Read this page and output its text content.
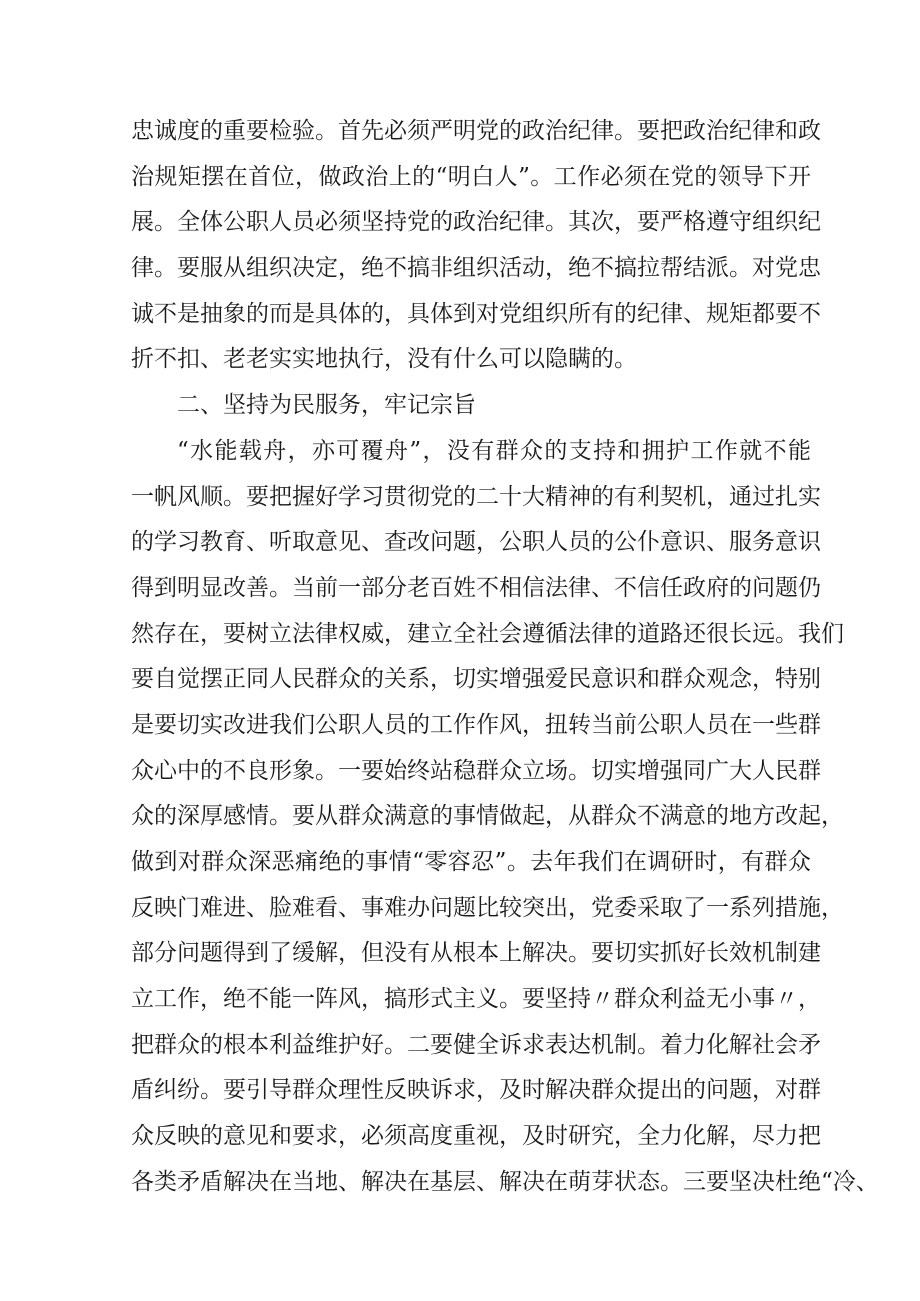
忠诚度的重要检验。首先必须严明党的政治纪律。要把政治纪律和政
治规矩摆在首位，做政治上的“明白人”。工作必须在党的领导下开
展。全体公职人员必须坚持党的政治纪律。其次，要严格遵守组织纪
律。要服从组织决定，绝不搞非组织活动，绝不搞拉帮结派。对党忠
诚不是抽象的而是具体的，具体到对党组织所有的纪律、规矩都要不
折不扣、老老实实地执行，没有什么可以隐瞒的。
二、坚持为民服务，牢记宗旨
“水能载舟，亦可覆舟”，没有群众的支持和拥护工作就不能
一帆风顺。要把握好学习贯彻党的二十大精神的有利契机，通过扎实
的学习教育、听取意见、查改问题，公职人员的公仆意识、服务意识
得到明显改善。当前一部分老百姓不相信法律、不信任政府的问题仍
然存在，要树立法律权威，建立全社会遵循法律的道路还很长远。我们
要自觉摆正同人民群众的关系，切实增强爱民意识和群众观念，特别
是要切实改进我们公职人员的工作作风，扭转当前公职人员在一些群
众心中的不良形象。一要始终站稳群众立场。切实增强同广大人民群
众的深厚感情。要从群众满意的事情做起，从群众不满意的地方改起，
做到对群众深恶痛绝的事情“零容忍”。去年我们在调研时，有群众
反映门难进、脸难看、事难办问题比较突出，党委采取了一系列措施，
部分问题得到了缓解，但没有从根本上解决。要切实抓好长效机制建
立工作，绝不能一阵风，搞形式主义。要坚持〃群众利益无小事〃，
把群众的根本利益维护好。二要健全诉求表达机制。着力化解社会矛
盾纠纷。要引导群众理性反映诉求，及时解决群众提出的问题，对群
众反映的意见和要求，必须高度重视，及时研究，全力化解，尽力把
各类矛盾解决在当地、解决在基层、解决在萌芽状态。三要坚决杜绝“冷、
